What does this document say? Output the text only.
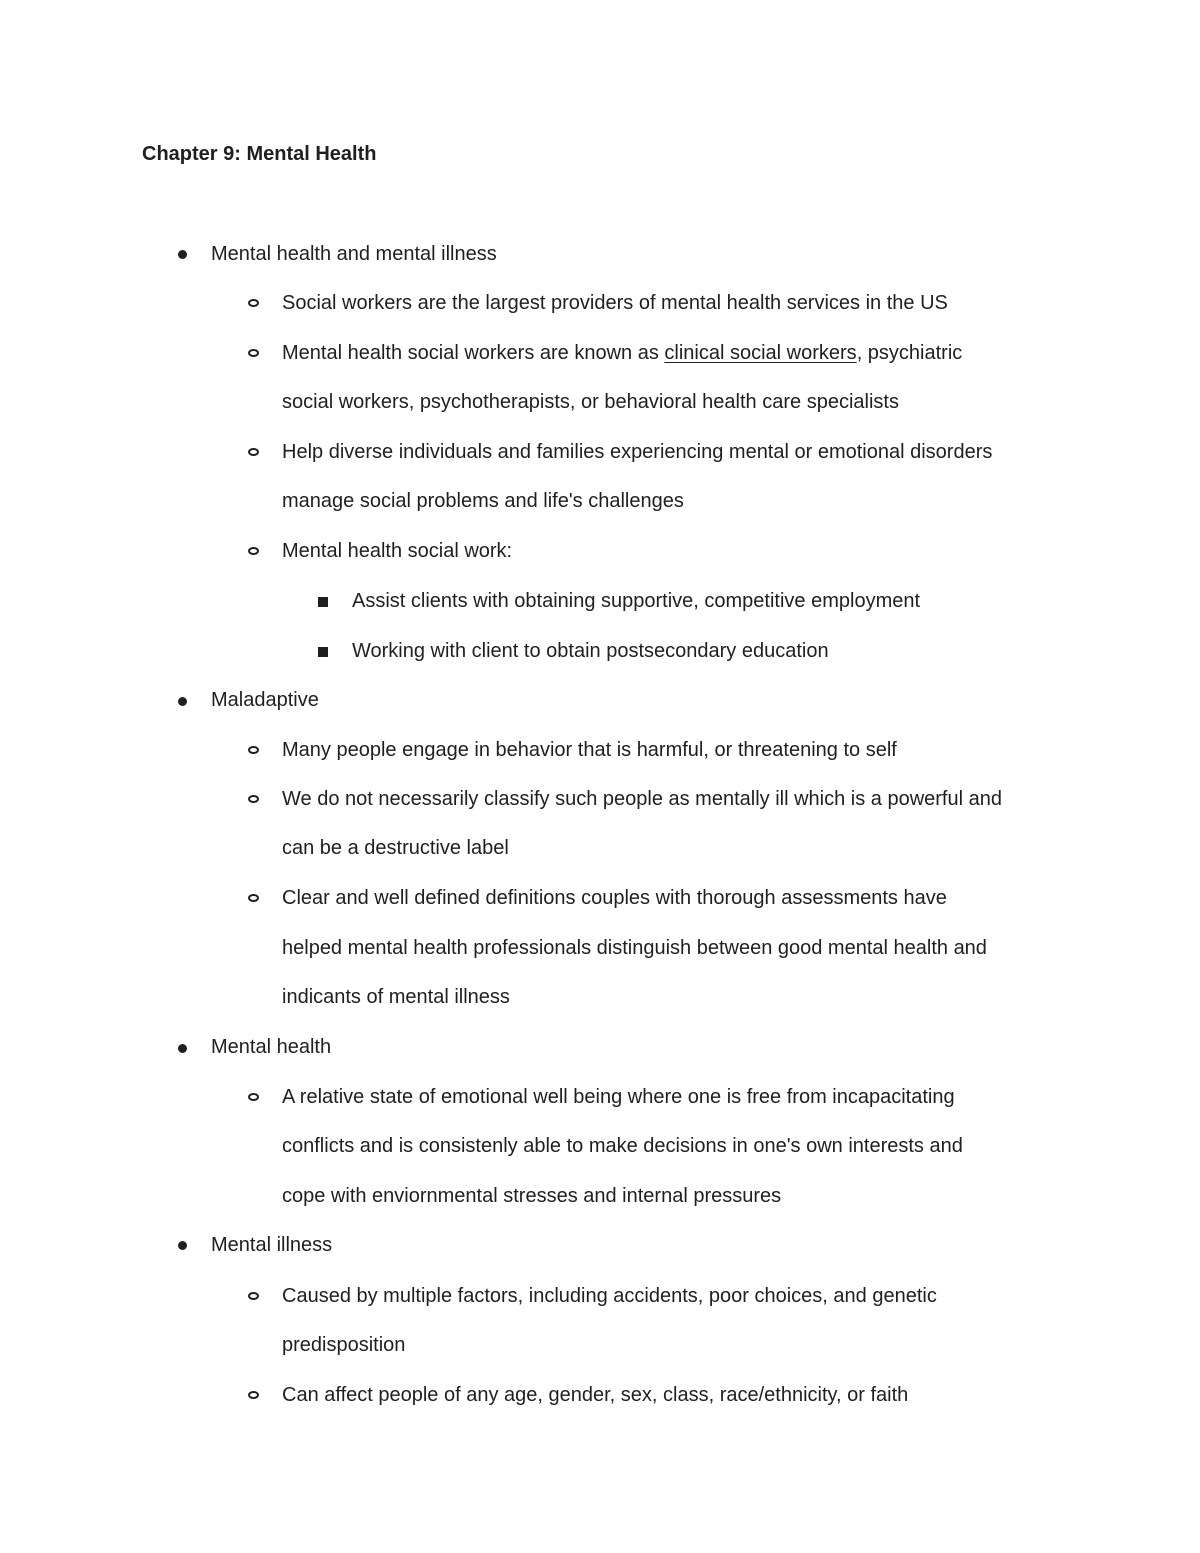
Chapter 9: Mental Health
Mental health and mental illness
Social workers are the largest providers of mental health services in the US
Mental health social workers are known as clinical social workers, psychiatric
social workers, psychotherapists, or behavioral health care specialists
Help diverse individuals and families experiencing mental or emotional disorders
manage social problems and life's challenges
Mental health social work:
Assist clients with obtaining supportive, competitive employment
Working with client to obtain postsecondary education
Maladaptive
Many people engage in behavior that is harmful, or threatening to self
We do not necessarily classify such people as mentally ill which is a powerful and
can be a destructive label
Clear and well defined definitions couples with thorough assessments have
helped mental health professionals distinguish between good mental health and
indicants of mental illness
Mental health
A relative state of emotional well being where one is free from incapacitating
conflicts and is consistenly able to make decisions in one's own interests and
cope with enviornmental stresses and internal pressures
Mental illness
Caused by multiple factors, including accidents, poor choices, and genetic
predisposition
Can affect people of any age, gender, sex, class, race/ethnicity, or faith
